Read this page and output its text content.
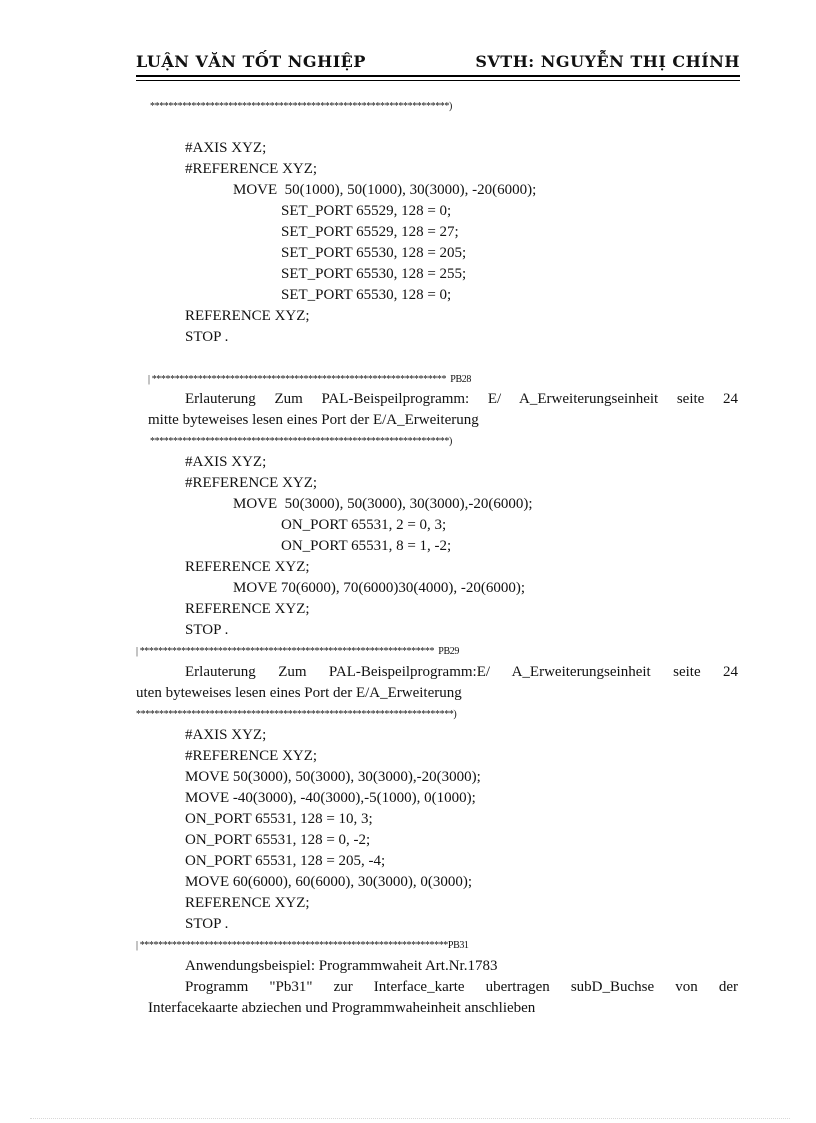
LUẬN VĂN TỐT NGHIỆP	SVTH: NGUYỄN THỊ CHÍNH
*****************************************************************)
#AXIS XYZ;
#REFERENCE XYZ;
MOVE  50(1000), 50(1000), 30(3000), -20(6000);
SET_PORT 65529, 128 = 0;
SET_PORT 65529, 128 = 27;
SET_PORT 65530, 128 = 205;
SET_PORT 65530, 128 = 255;
SET_PORT 65530, 128 = 0;
REFERENCE XYZ;
STOP .
| ****************************************************************  PB28
Erlauterung Zum PAL-Beispeilprogramm: E/ A_Erweiterungseinheit seite 24
mitte byteweises lesen eines Port der E/A_Erweiterung
*****************************************************************)
#AXIS XYZ;
#REFERENCE XYZ;
MOVE  50(3000), 50(3000), 30(3000),-20(6000);
ON_PORT 65531, 2 = 0, 3;
ON_PORT 65531, 8 = 1, -2;
REFERENCE XYZ;
MOVE 70(6000), 70(6000)30(4000), -20(6000);
REFERENCE XYZ;
STOP .
| ****************************************************************  PB29
Erlauterung Zum PAL-Beispeilprogramm:E/ A_Erweiterungseinheit seite 24
uten byteweises lesen eines Port der E/A_Erweiterung
*********************************************************************)
#AXIS XYZ;
#REFERENCE XYZ;
MOVE 50(3000), 50(3000), 30(3000),-20(3000);
MOVE -40(3000), -40(3000),-5(1000), 0(1000);
ON_PORT 65531, 128 = 10, 3;
ON_PORT 65531, 128 = 0, -2;
ON_PORT 65531, 128 = 205, -4;
MOVE 60(6000), 60(6000), 30(3000), 0(3000);
REFERENCE XYZ;
STOP .
| *******************************************************************PB31
Anwendungsbeispiel: Programmwaheit Art.Nr.1783
Programm "Pb31" zur Interface_karte ubertragen subD_Buchse von der
Interfacekaarte abziechen und Programmwaheinheit anschlieben
